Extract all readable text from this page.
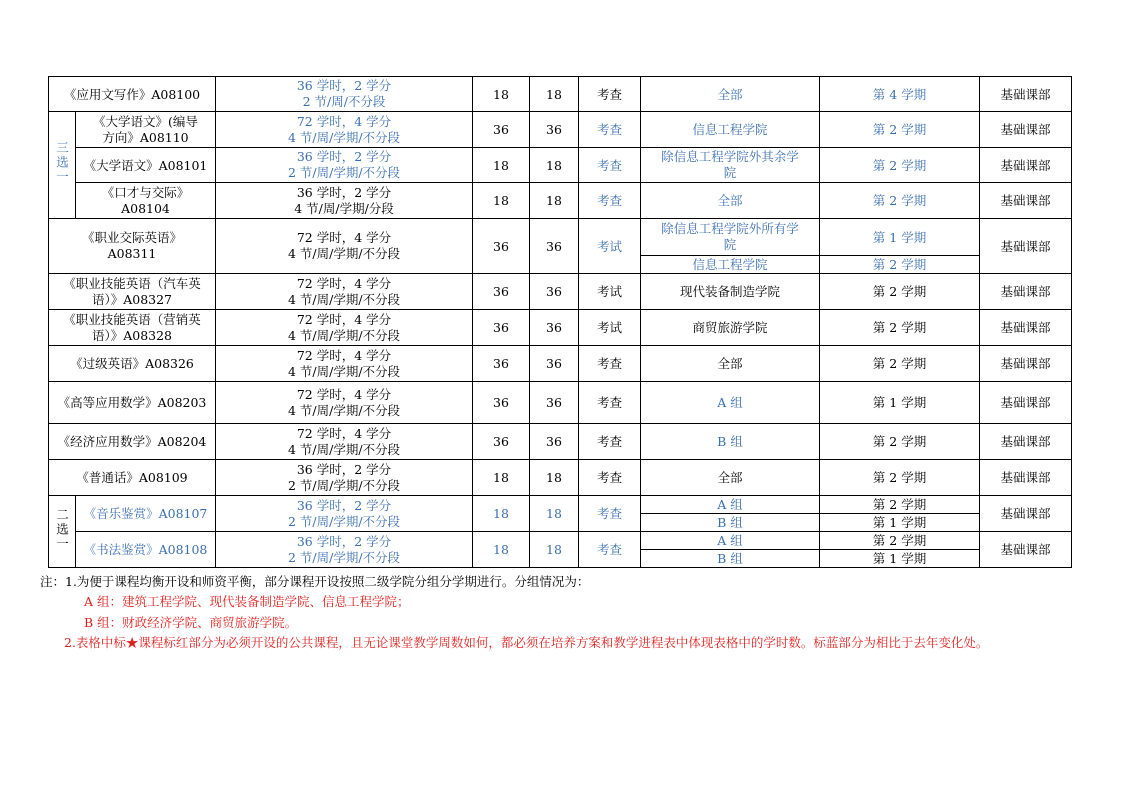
《应用文写作》A08100		36 学时，2 学分
2 节/周/不分段	18	18	考查	全部	第 4 学期	基础课部
三选一	《大学语文》(编导
方向》A08110	72 学时，4 学分
4 节/周/学期/不分段	36	36	考查	信息工程学院	第 2 学期	基础课部
	《大学语文》A08101	36 学时，2 学分
2 节/周/学期/不分段	18	18	考查	除信息工程学院外其余学
院	第 2 学期	基础课部
	《口才与交际》
A08104	36 学时，2 学分
4 节/周/学期/分段	18	18	考查	全部	第 2 学期	基础课部
《职业交际英语》
A08311		72 学时，4 学分
4 节/周/学期/不分段	36	36	考试	除信息工程学院外所有学
院	第 1 学期	基础课部
						信息工程学院	第 2 学期	
《职业技能英语（汽车英
语）》A08327		72 学时，4 学分
4 节/周/学期/不分段	36	36	考试	现代装备制造学院	第 2 学期	基础课部
《职业技能英语（营销英
语）》A08328		72 学时，4 学分
4 节/周/学期/不分段	36	36	考试	商贸旅游学院	第 2 学期	基础课部
《过级英语》A08326		72 学时，4 学分
4 节/周/学期/不分段	36	36	考查	全部	第 2 学期	基础课部
《高等应用数学》A08203		72 学时，4 学分
4 节/周/学期/不分段	36	36	考查	A 组	第 1 学期	基础课部
《经济应用数学》A08204		72 学时，4 学分
4 节/周/学期/不分段	36	36	考查	B 组	第 2 学期	基础课部
《普通话》A08109		36 学时，2 学分
2 节/周/学期/不分段	18	18	考查	全部	第 2 学期	基础课部
二选一	《音乐鉴赏》A08107	36 学时，2 学分
2 节/周/学期/不分段	18	18	考查	A 组	第 2 学期	基础课部
						B 组	第 1 学期	
	《书法鉴赏》A08108	36 学时，2 学分
2 节/周/学期/不分段	18	18	考查	A 组	第 2 学期	基础课部
						B 组	第 1 学期	
注：1.为便于课程均衡开设和师资平衡，部分课程开设按照二级学院分组分学期进行。分组情况为：
A 组：建筑工程学院、现代装备制造学院、信息工程学院；
B 组：财政经济学院、商贸旅游学院。
2.表格中标★课程标红部分为必须开设的公共课程，且无论课堂教学周数如何，都必须在培养方案和教学进程表中体现表格中的学时数。标蓝部分为相比于去年变化处。
